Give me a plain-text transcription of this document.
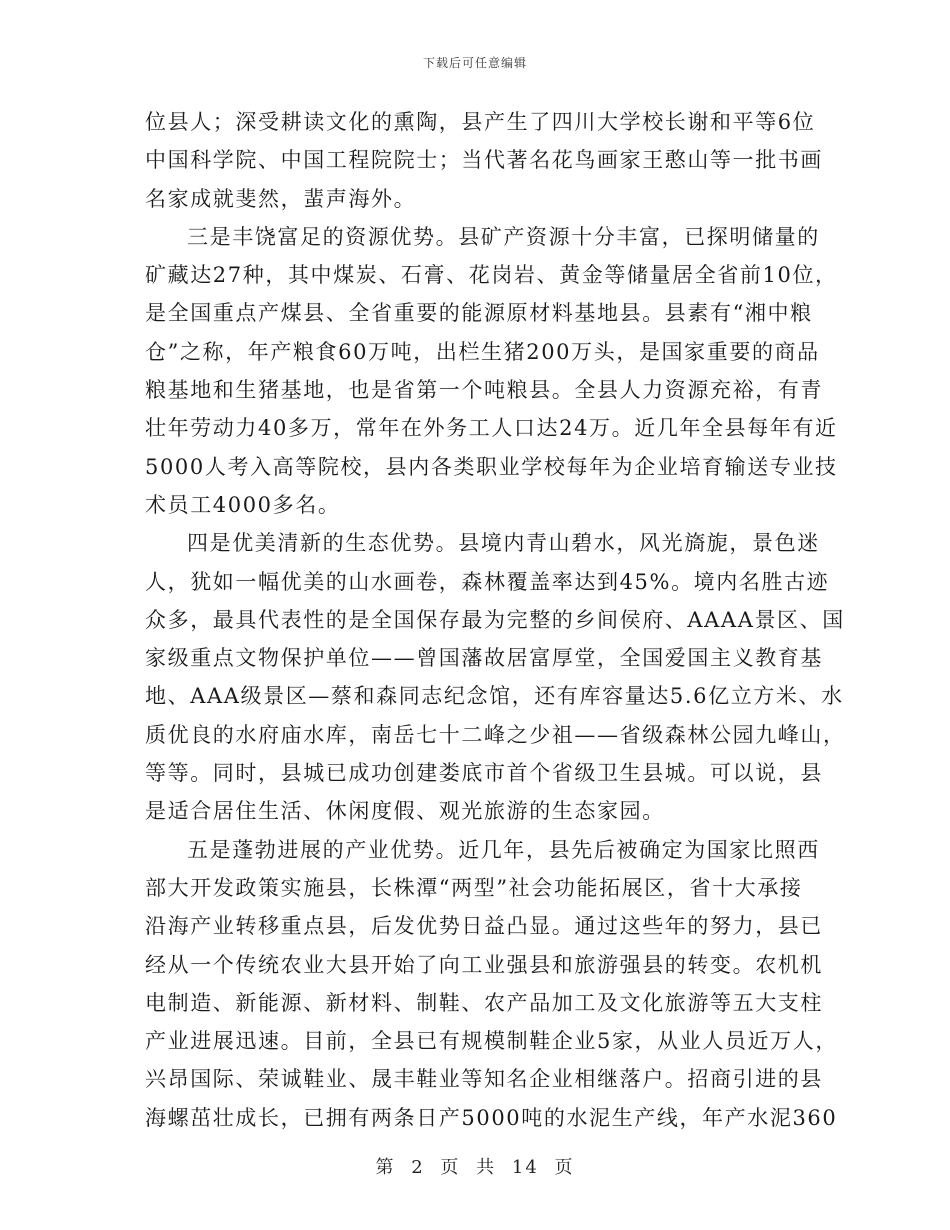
下载后可任意编辑
位县人；深受耕读文化的熏陶，县产生了四川大学校长谢和平等6位
中国科学院、中国工程院院士；当代著名花鸟画家王憨山等一批书画
名家成就斐然，蜚声海外。
三是丰饶富足的资源优势。县矿产资源十分丰富，已探明储量的
矿藏达27种，其中煤炭、石膏、花岗岩、黄金等储量居全省前10位，
是全国重点产煤县、全省重要的能源原材料基地县。县素有“湘中粮
仓”之称，年产粮食60万吨，出栏生猪200万头，是国家重要的商品
粮基地和生猪基地，也是省第一个吨粮县。全县人力资源充裕，有青
壮年劳动力40多万，常年在外务工人口达24万。近几年全县每年有近
5000人考入高等院校，县内各类职业学校每年为企业培育输送专业技
术员工4000多名。
四是优美清新的生态优势。县境内青山碧水，风光旖旎，景色迷
人，犹如一幅优美的山水画卷，森林覆盖率达到45%。境内名胜古迹
众多，最具代表性的是全国保存最为完整的乡间侯府、AAAA景区、国
家级重点文物保护单位——曾国藩故居富厚堂，全国爱国主义教育基
地、AAA级景区—蔡和森同志纪念馆，还有库容量达5.6亿立方米、水
质优良的水府庙水库，南岳七十二峰之少祖——省级森林公园九峰山，
等等。同时，县城已成功创建娄底市首个省级卫生县城。可以说，县
是适合居住生活、休闲度假、观光旅游的生态家园。
五是蓬勃进展的产业优势。近几年，县先后被确定为国家比照西
部大开发政策实施县，长株潭“两型”社会功能拓展区，省十大承接
沿海产业转移重点县，后发优势日益凸显。通过这些年的努力，县已
经从一个传统农业大县开始了向工业强县和旅游强县的转变。农机机
电制造、新能源、新材料、制鞋、农产品加工及文化旅游等五大支柱
产业进展迅速。目前，全县已有规模制鞋企业5家，从业人员近万人，
兴昂国际、荣诚鞋业、晟丰鞋业等知名企业相继落户。招商引进的县
海螺茁壮成长，已拥有两条日产5000吨的水泥生产线，年产水泥360
第 2 页 共 14 页
